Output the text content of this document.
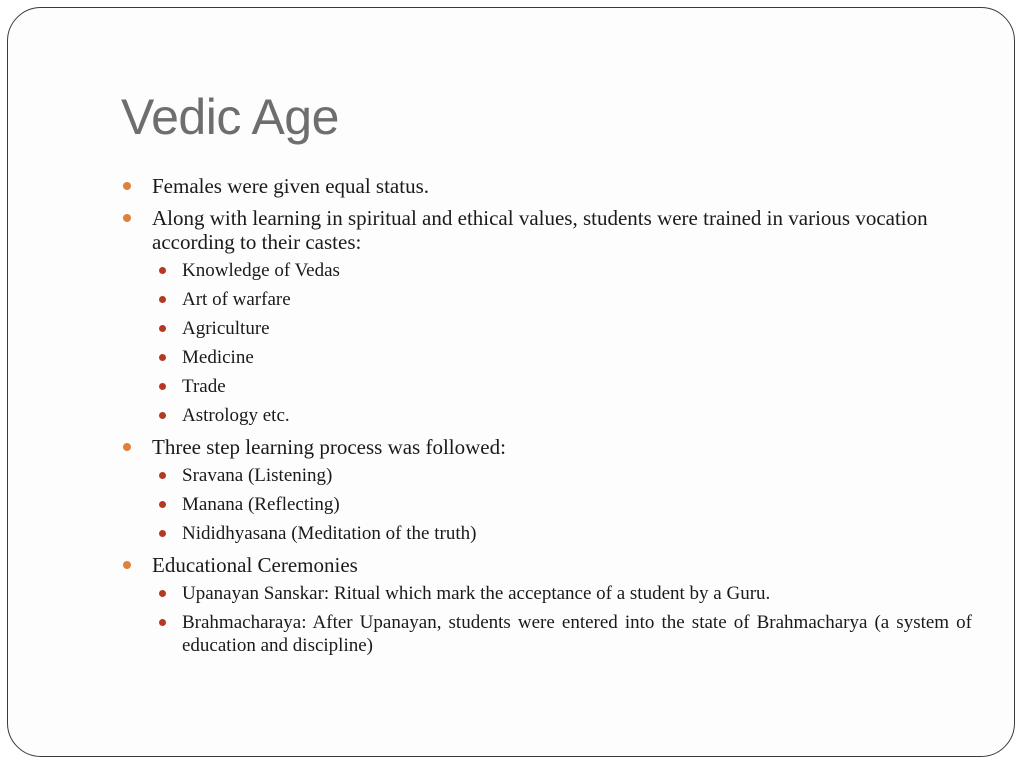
Vedic Age
Females were given equal status.
Along with learning in spiritual and ethical values, students were trained in various vocation according to their castes:
Knowledge of Vedas
Art of warfare
Agriculture
Medicine
Trade
Astrology etc.
Three step learning process was followed:
Sravana (Listening)
Manana (Reflecting)
Nididhyasana (Meditation of the truth)
Educational Ceremonies
Upanayan Sanskar: Ritual which mark the acceptance of a student by a Guru.
Brahmacharaya: After Upanayan, students were entered into the state of Brahmacharya (a system of education and discipline)
